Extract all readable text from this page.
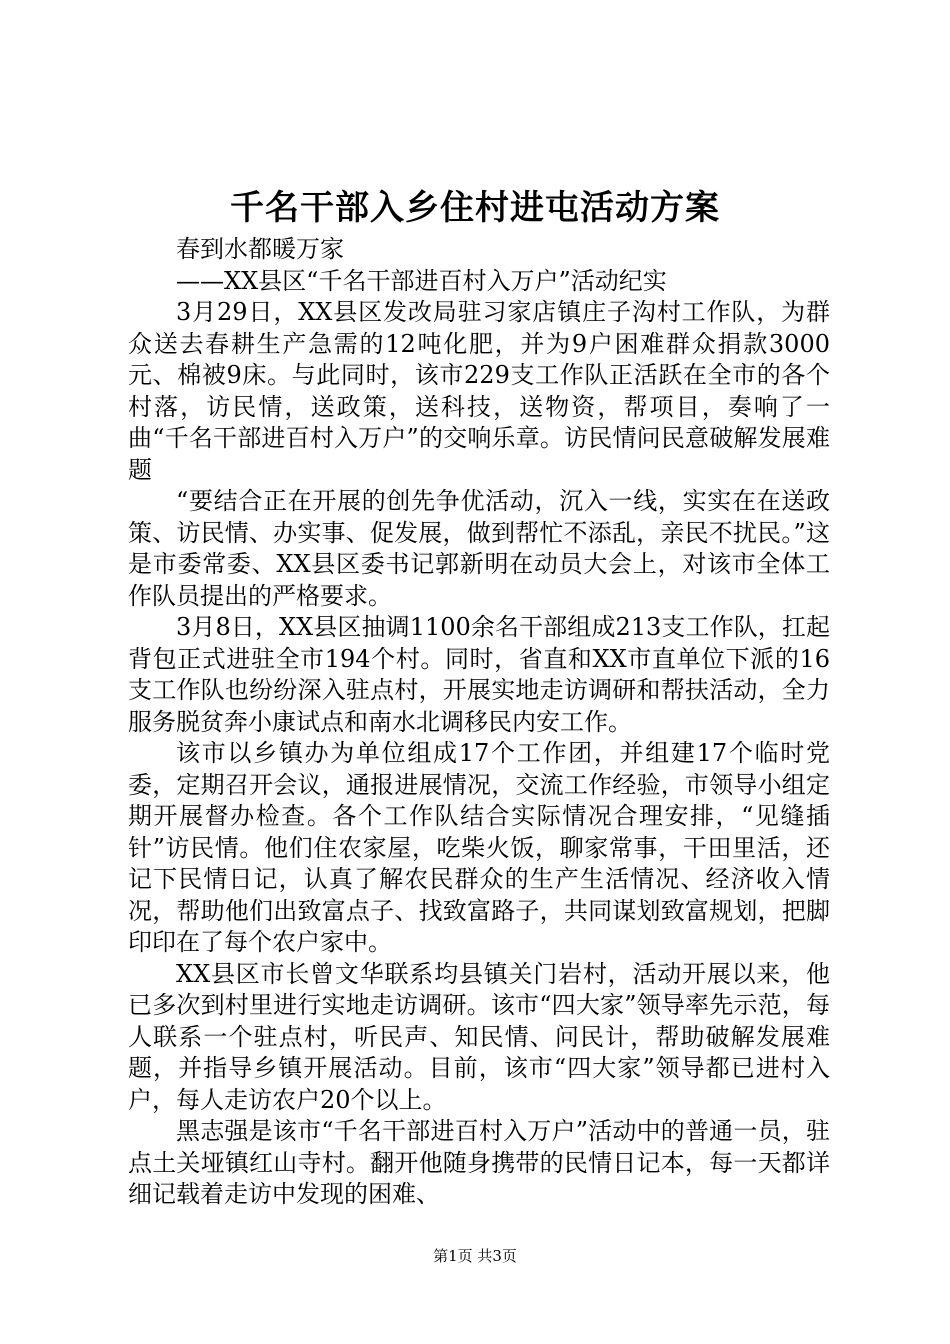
千名干部入乡住村进屯活动方案

春到水都暖万家

——XX县区“千名干部进百村入万户”活动纪实

3月29日，XX县区发改局驻习家店镇庄子沟村工作队，为群众送去春耕生产急需的12吨化肥，并为9户困难群众捐款3000元、棉被9床。与此同时，该市229支工作队正活跃在全市的各个村落，访民情，送政策，送科技，送物资，帮项目，奏响了一曲“千名干部进百村入万户”的交响乐章。访民情问民意破解发展难题

“要结合正在开展的创先争优活动，沉入一线，实实在在送政策、访民情、办实事、促发展，做到帮忙不添乱，亲民不扰民。”这是市委常委、XX县区委书记郭新明在动员大会上，对该市全体工作队员提出的严格要求。

3月8日，XX县区抽调1100余名干部组成213支工作队，扛起背包正式进驻全市194个村。同时，省直和XX市直单位下派的16支工作队也纷纷深入驻点村，开展实地走访调研和帮扶活动，全力服务脱贫奔小康试点和南水北调移民内安工作。

该市以乡镇办为单位组成17个工作团，并组建17个临时党委，定期召开会议，通报进展情况，交流工作经验，市领导小组定期开展督办检查。各个工作队结合实际情况合理安排，“见缝插针”访民情。他们住农家屋，吃柴火饭，聊家常事，干田里活，还记下民情日记，认真了解农民群众的生产生活情况、经济收入情况，帮助他们出致富点子、找致富路子，共同谋划致富规划，把脚印印在了每个农户家中。

XX县区市长曾文华联系均县镇关门岩村，活动开展以来，他已多次到村里进行实地走访调研。该市“四大家”领导率先示范，每人联系一个驻点村，听民声、知民情、问民计，帮助破解发展难题，并指导乡镇开展活动。目前，该市“四大家”领导都已进村入户，每人走访农户20个以上。

黑志强是该市“千名干部进百村入万户”活动中的普通一员，驻点土关垭镇红山寺村。翻开他随身携带的民情日记本，每一天都详细记载着走访中发现的困难、

第1页 共3页
